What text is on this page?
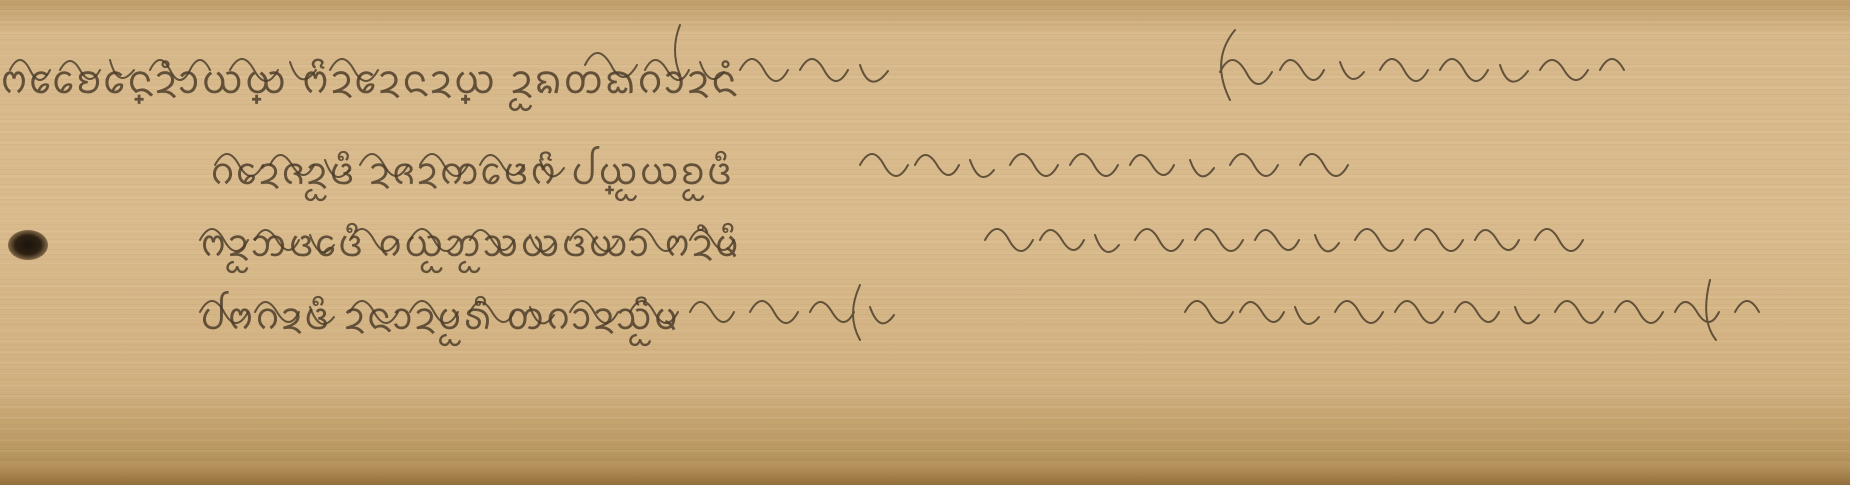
ᨻᩯᨧᩮ᩠ᨶᨯᩴᩣᨿ᩠ᨿ ᨻᩦᨯᩮᨯᨶᨯ᩠ᨿ ᨯᩬᨦᨲᨳᨣᩣᨯᨶᩴ

ᨣᩮᨯᨩᨯᩬᨴᩥ ᨯᨩᨯᨠᩮᨴᨻᩦ ᨸ᩠ᨿᩬᨿᨧᩬᨴᩥ

ᨻᨯᩬᨽᨴᩮᨴᩥ ᨣᨿᩬᨽᩬᩈᨿᨴᨿᩣ ᨻᨯᩫᨾᩥ

ᨸᨻᨣᨯᨴᩥ ᨯᨶᩣᨯᨷᩬᩁᩥ ᨲᨣᩣᨯᩈᩦᩬᨾ
